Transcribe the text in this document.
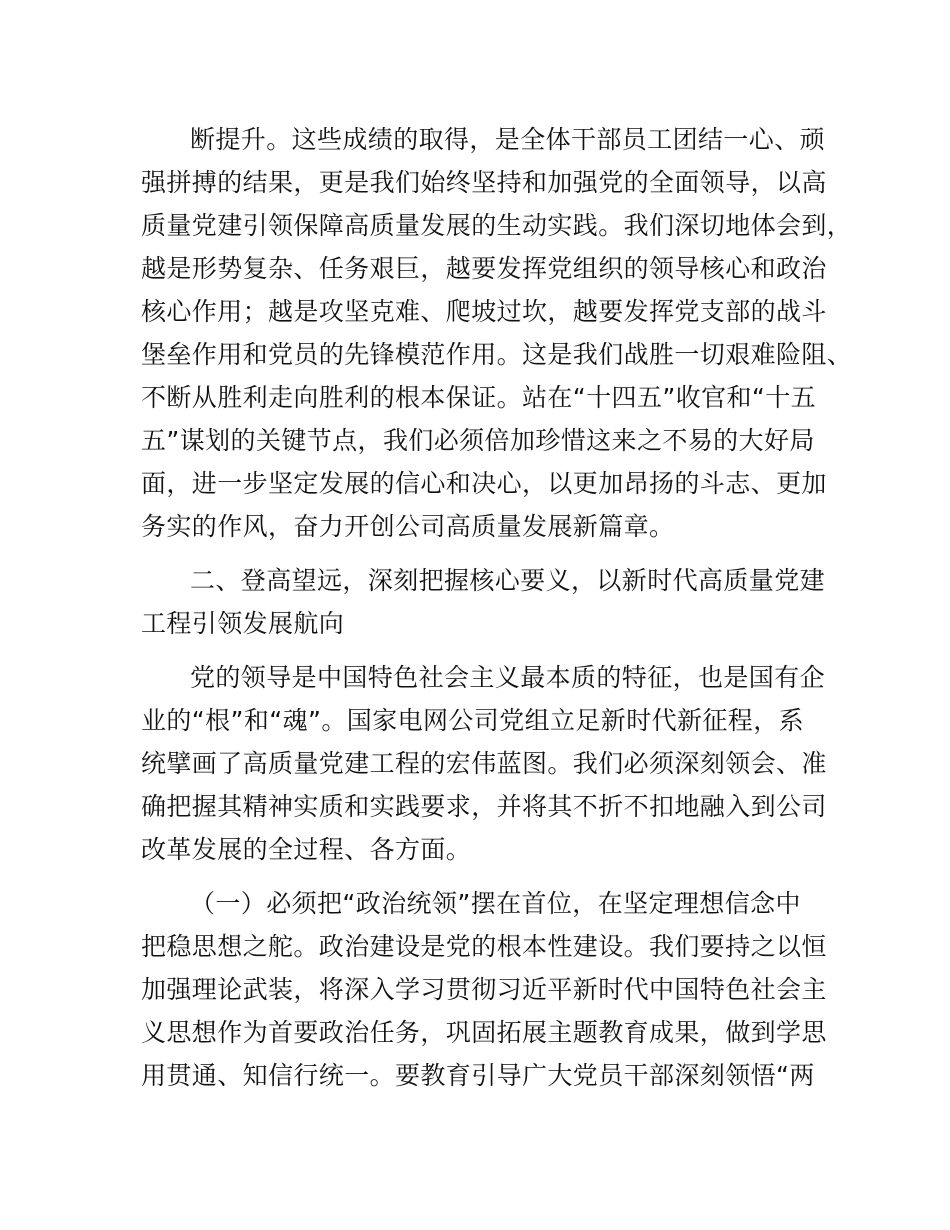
断提升。这些成绩的取得，是全体干部员工团结一心、顽
强拼搏的结果，更是我们始终坚持和加强党的全面领导，以高
质量党建引领保障高质量发展的生动实践。我们深切地体会到，
越是形势复杂、任务艰巨，越要发挥党组织的领导核心和政治
核心作用；越是攻坚克难、爬坡过坎，越要发挥党支部的战斗
堡垒作用和党员的先锋模范作用。这是我们战胜一切艰难险阻、
不断从胜利走向胜利的根本保证。站在“十四五”收官和“十五
五”谋划的关键节点，我们必须倍加珍惜这来之不易的大好局
面，进一步坚定发展的信心和决心，以更加昂扬的斗志、更加
务实的作风，奋力开创公司高质量发展新篇章。
二、登高望远，深刻把握核心要义，以新时代高质量党建
工程引领发展航向
党的领导是中国特色社会主义最本质的特征，也是国有企
业的“根”和“魂”。国家电网公司党组立足新时代新征程，系
统擘画了高质量党建工程的宏伟蓝图。我们必须深刻领会、准
确把握其精神实质和实践要求，并将其不折不扣地融入到公司
改革发展的全过程、各方面。
（一）必须把“政治统领”摆在首位，在坚定理想信念中
把稳思想之舵。政治建设是党的根本性建设。我们要持之以恒
加强理论武装，将深入学习贯彻习近平新时代中国特色社会主
义思想作为首要政治任务，巩固拓展主题教育成果，做到学思
用贯通、知信行统一。要教育引导广大党员干部深刻领悟“两
